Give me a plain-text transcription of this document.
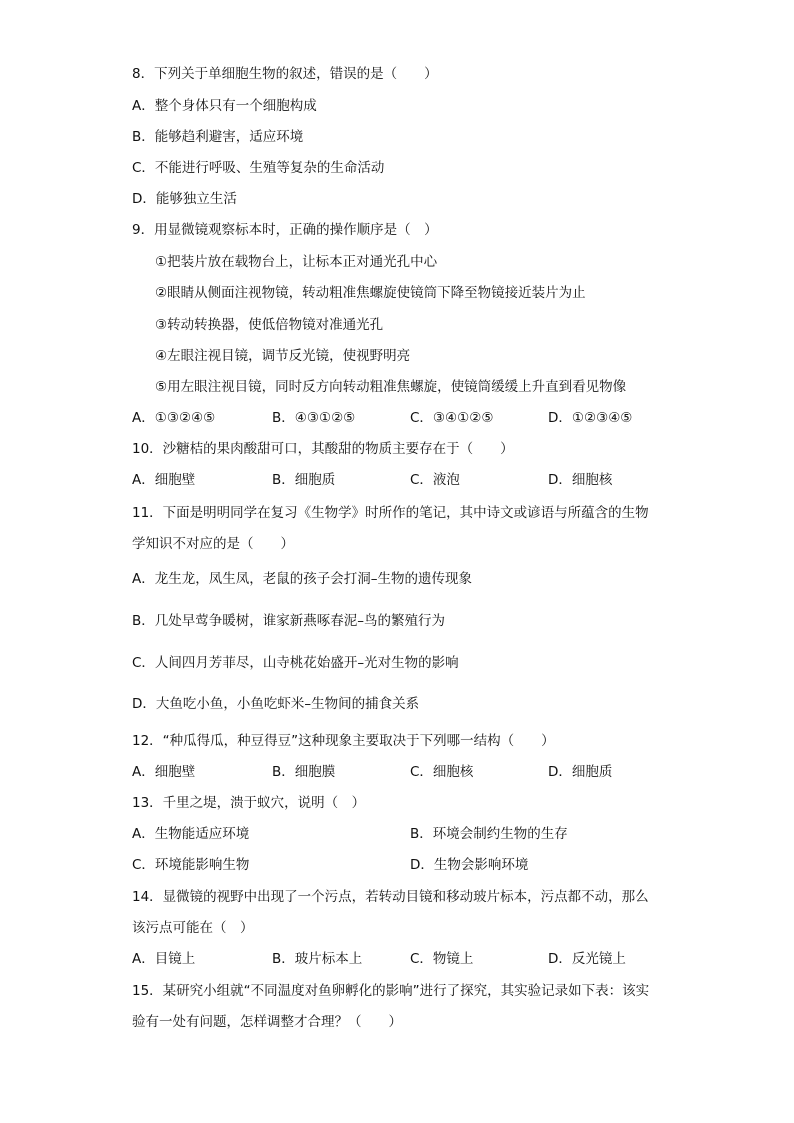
8．下列关于单细胞生物的叙述，错误的是（　　）
A．整个身体只有一个细胞构成
B．能够趋利避害，适应环境
C．不能进行呼吸、生殖等复杂的生命活动
D．能够独立生活
9．用显微镜观察标本时，正确的操作顺序是（　）
①把装片放在载物台上，让标本正对通光孔中心
②眼睛从侧面注视物镜，转动粗准焦螺旋使镜筒下降至物镜接近装片为止
③转动转换器，使低倍物镜对准通光孔
④左眼注视目镜，调节反光镜，使视野明亮
⑤用左眼注视目镜，同时反方向转动粗准焦螺旋，使镜筒缓缓上升直到看见物像
A．①③②④⑤	B．④③①②⑤	C．③④①②⑤	D．①②③④⑤
10．沙糖桔的果肉酸甜可口，其酸甜的物质主要存在于（　　）
A．细胞壁	B．细胞质	C．液泡	D．细胞核
11．下面是明明同学在复习《生物学》时所作的笔记，其中诗文或谚语与所蕴含的生物
学知识不对应的是（　　）
A．龙生龙，凤生凤，老鼠的孩子会打洞–生物的遗传现象
B．几处早莺争暖树，谁家新燕啄春泥–鸟的繁殖行为
C．人间四月芳菲尽，山寺桃花始盛开–光对生物的影响
D．大鱼吃小鱼，小鱼吃虾米–生物间的捕食关系
12．“种瓜得瓜，种豆得豆”这种现象主要取决于下列哪一结构（　　）
A．细胞壁	B．细胞膜	C．细胞核	D．细胞质
13．千里之堤，溃于蚁穴，说明（　）
A．生物能适应环境	B．环境会制约生物的生存
C．环境能影响生物	D．生物会影响环境
14．显微镜的视野中出现了一个污点，若转动目镜和移动玻片标本，污点都不动，那么
该污点可能在（　）
A．目镜上	B．玻片标本上	C．物镜上	D．反光镜上
15．某研究小组就“不同温度对鱼卵孵化的影响”进行了探究，其实验记录如下表：该实
验有一处有问题，怎样调整才合理？（　　）
